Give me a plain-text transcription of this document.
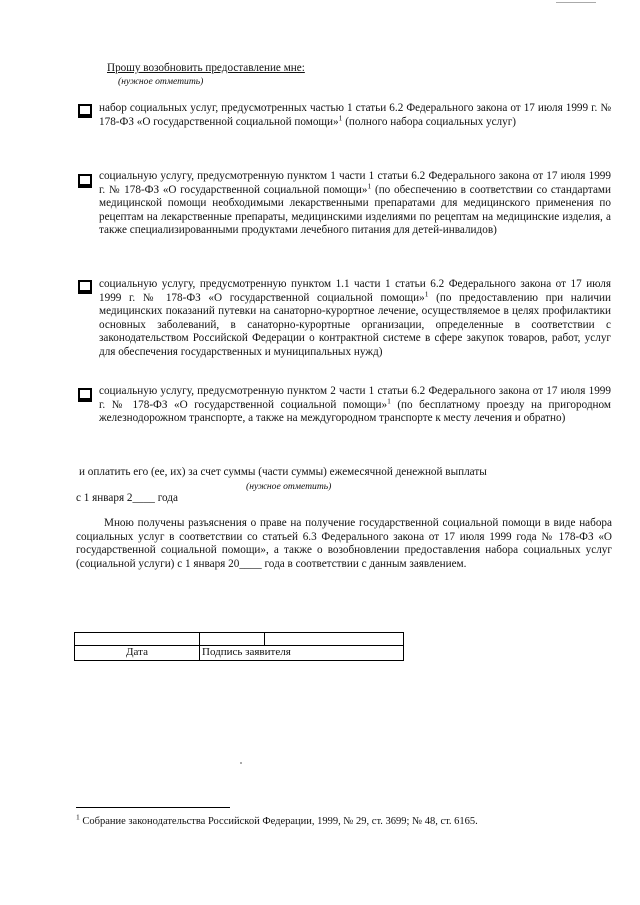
Прошу возобновить предоставление мне:
(нужное отметить)
набор социальных услуг, предусмотренных частью 1 статьи 6.2 Федерального закона от 17 июля 1999 г. № 178-ФЗ «О государственной социальной помощи»$^1$ (полного набора социальных услуг)
социальную услугу, предусмотренную пунктом 1 части 1 статьи 6.2 Федерального закона от 17 июля 1999 г. № 178-ФЗ «О государственной социальной помощи»$^1$ (по обеспечению в соответствии со стандартами медицинской помощи необходимыми лекарственными препаратами для медицинского применения по рецептам на лекарственные препараты, медицинскими изделиями по рецептам на медицинские изделия, а также специализированными продуктами лечебного питания для детей-инвалидов)
социальную услугу, предусмотренную пунктом 1.1 части 1 статьи 6.2 Федерального закона от 17 июля 1999 г. № 178-ФЗ «О государственной социальной помощи»$^1$ (по предоставлению при наличии медицинских показаний путевки на санаторно-курортное лечение, осуществляемое в целях профилактики основных заболеваний, в санаторно-курортные организации, определенные в соответствии с законодательством Российской Федерации о контрактной системе в сфере закупок товаров, работ, услуг для обеспечения государственных и муниципальных нужд)
социальную услугу, предусмотренную пунктом 2 части 1 статьи 6.2 Федерального закона от 17 июля 1999 г. № 178-ФЗ «О государственной социальной помощи»$^1$ (по бесплатному проезду на пригородном железнодорожном транспорте, а также на междугородном транспорте к месту лечения и обратно)
и оплатить его (ее, их) за счет суммы (части суммы) ежемесячной денежной выплаты
(нужное отметить)
с 1 января 2____ года
Мною получены разъяснения о праве на получение государственной социальной помощи в виде набора социальных услуг в соответствии со статьей 6.3 Федерального закона от 17 июля 1999 года № 178-ФЗ «О государственной социальной помощи», а также о возобновлении предоставления набора социальных услуг (социальной услуги) с 1 января 20____ года в соответствии с данным заявлением.

Дата	Подпись заявителя	
$^1$ Собрание законодательства Российской Федерации, 1999, № 29, ст. 3699; № 48, ст. 6165.
